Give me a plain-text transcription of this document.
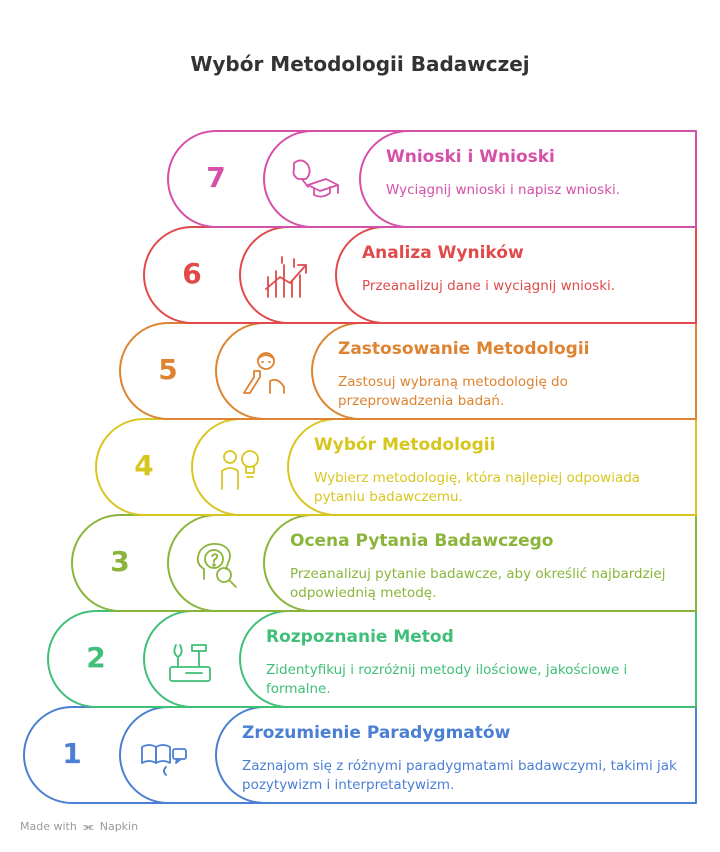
Wybór Metodologii Badawczej
1
Zrozumienie Paradygmatów
Zaznajom się z różnymi paradygmatami badawczymi, takimi jak pozytywizm i interpretatywizm.
2
Rozpoznanie Metod
Zidentyfikuj i rozróżnij metody ilościowe, jakościowe i formalne.
3
Ocena Pytania Badawczego
Przeanalizuj pytanie badawcze, aby określić najbardziej odpowiednią metodę.
4
Wybór Metodologii
Wybierz metodologię, która najlepiej odpowiada pytaniu badawczemu.
5
Zastosowanie Metodologii
Zastosuj wybraną metodologię do przeprowadzenia badań.
6
Analiza Wyników
Przeanalizuj dane i wyciągnij wnioski.
7
Wnioski i Wnioski
Wyciągnij wnioski i napisz wnioski.
Made with ⫘ Napkin
